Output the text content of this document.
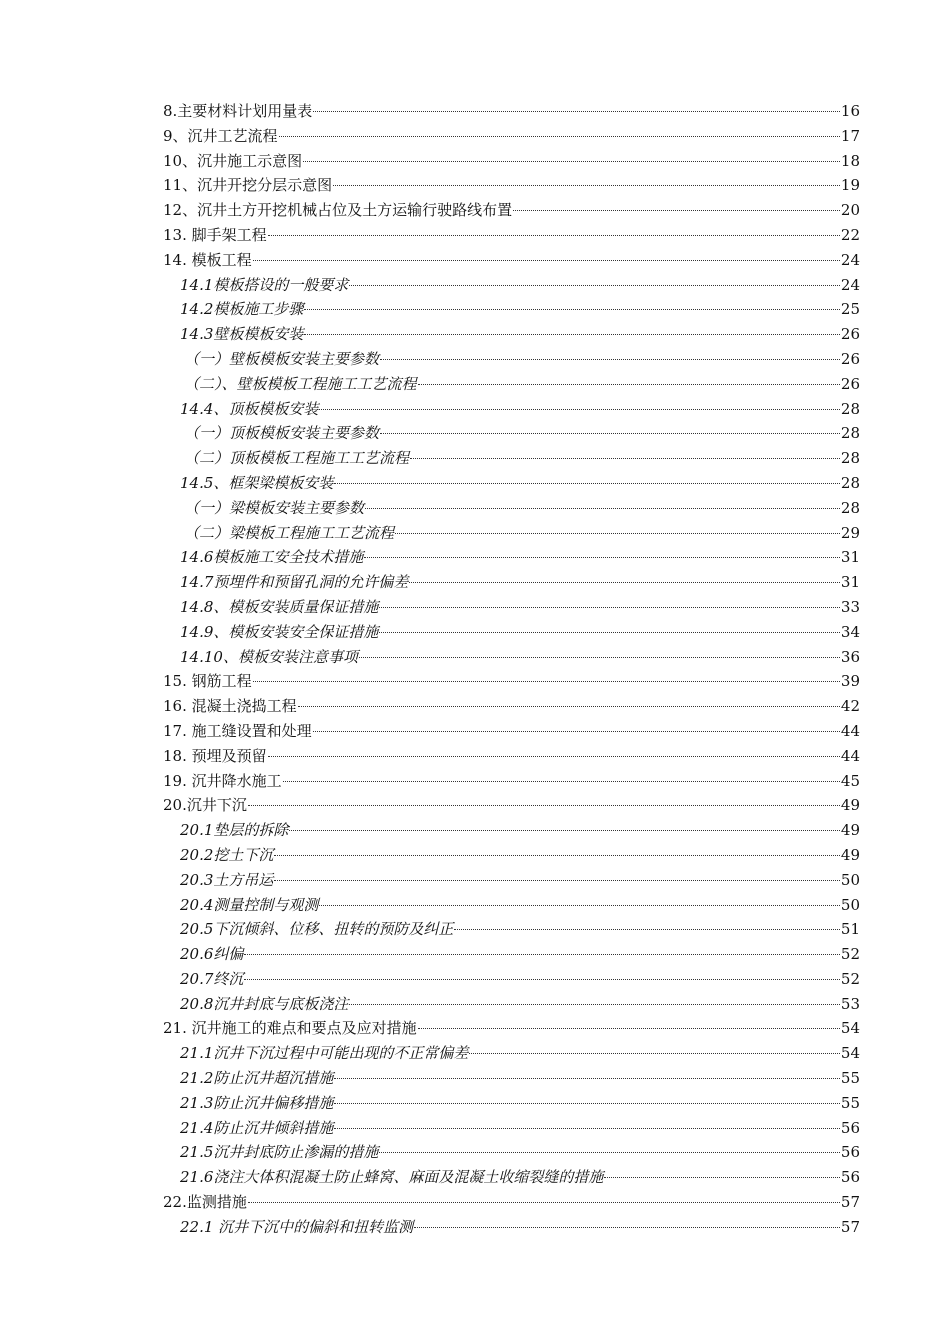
8.主要材料计划用量表	16
9、沉井工艺流程	17
10、沉井施工示意图	18
11、沉井开挖分层示意图	19
12、沉井土方开挖机械占位及土方运输行驶路线布置	20
13. 脚手架工程	22
14. 模板工程	24
14.1模板搭设的一般要求	24
14.2模板施工步骤	25
14.3壁板模板安装	26
（一）壁板模板安装主要参数	26
（二）、壁板模板工程施工工艺流程	26
14.4、顶板模板安装	28
（一）顶板模板安装主要参数	28
（二）顶板模板工程施工工艺流程	28
14.5、框架梁模板安装	28
（一）梁模板安装主要参数	28
（二）梁模板工程施工工艺流程	29
14.6模板施工安全技术措施	31
14.7预埋件和预留孔洞的允许偏差	31
14.8、模板安装质量保证措施	33
14.9、模板安装安全保证措施	34
14.10、模板安装注意事项	36
15. 钢筋工程	39
16. 混凝土浇捣工程	42
17. 施工缝设置和处理	44
18. 预埋及预留	44
19. 沉井降水施工	45
20.沉井下沉	49
20.1垫层的拆除	49
20.2挖土下沉	49
20.3土方吊运	50
20.4测量控制与观测	50
20.5下沉倾斜、位移、扭转的预防及纠正	51
20.6纠偏	52
20.7终沉	52
20.8沉井封底与底板浇注	53
21. 沉井施工的难点和要点及应对措施	54
21.1沉井下沉过程中可能出现的不正常偏差	54
21.2防止沉井超沉措施	55
21.3防止沉井偏移措施	55
21.4防止沉井倾斜措施	56
21.5沉井封底防止渗漏的措施	56
21.6浇注大体积混凝土防止蜂窝、麻面及混凝土收缩裂缝的措施	56
22.监测措施	57
22.1 沉井下沉中的偏斜和扭转监测	57
